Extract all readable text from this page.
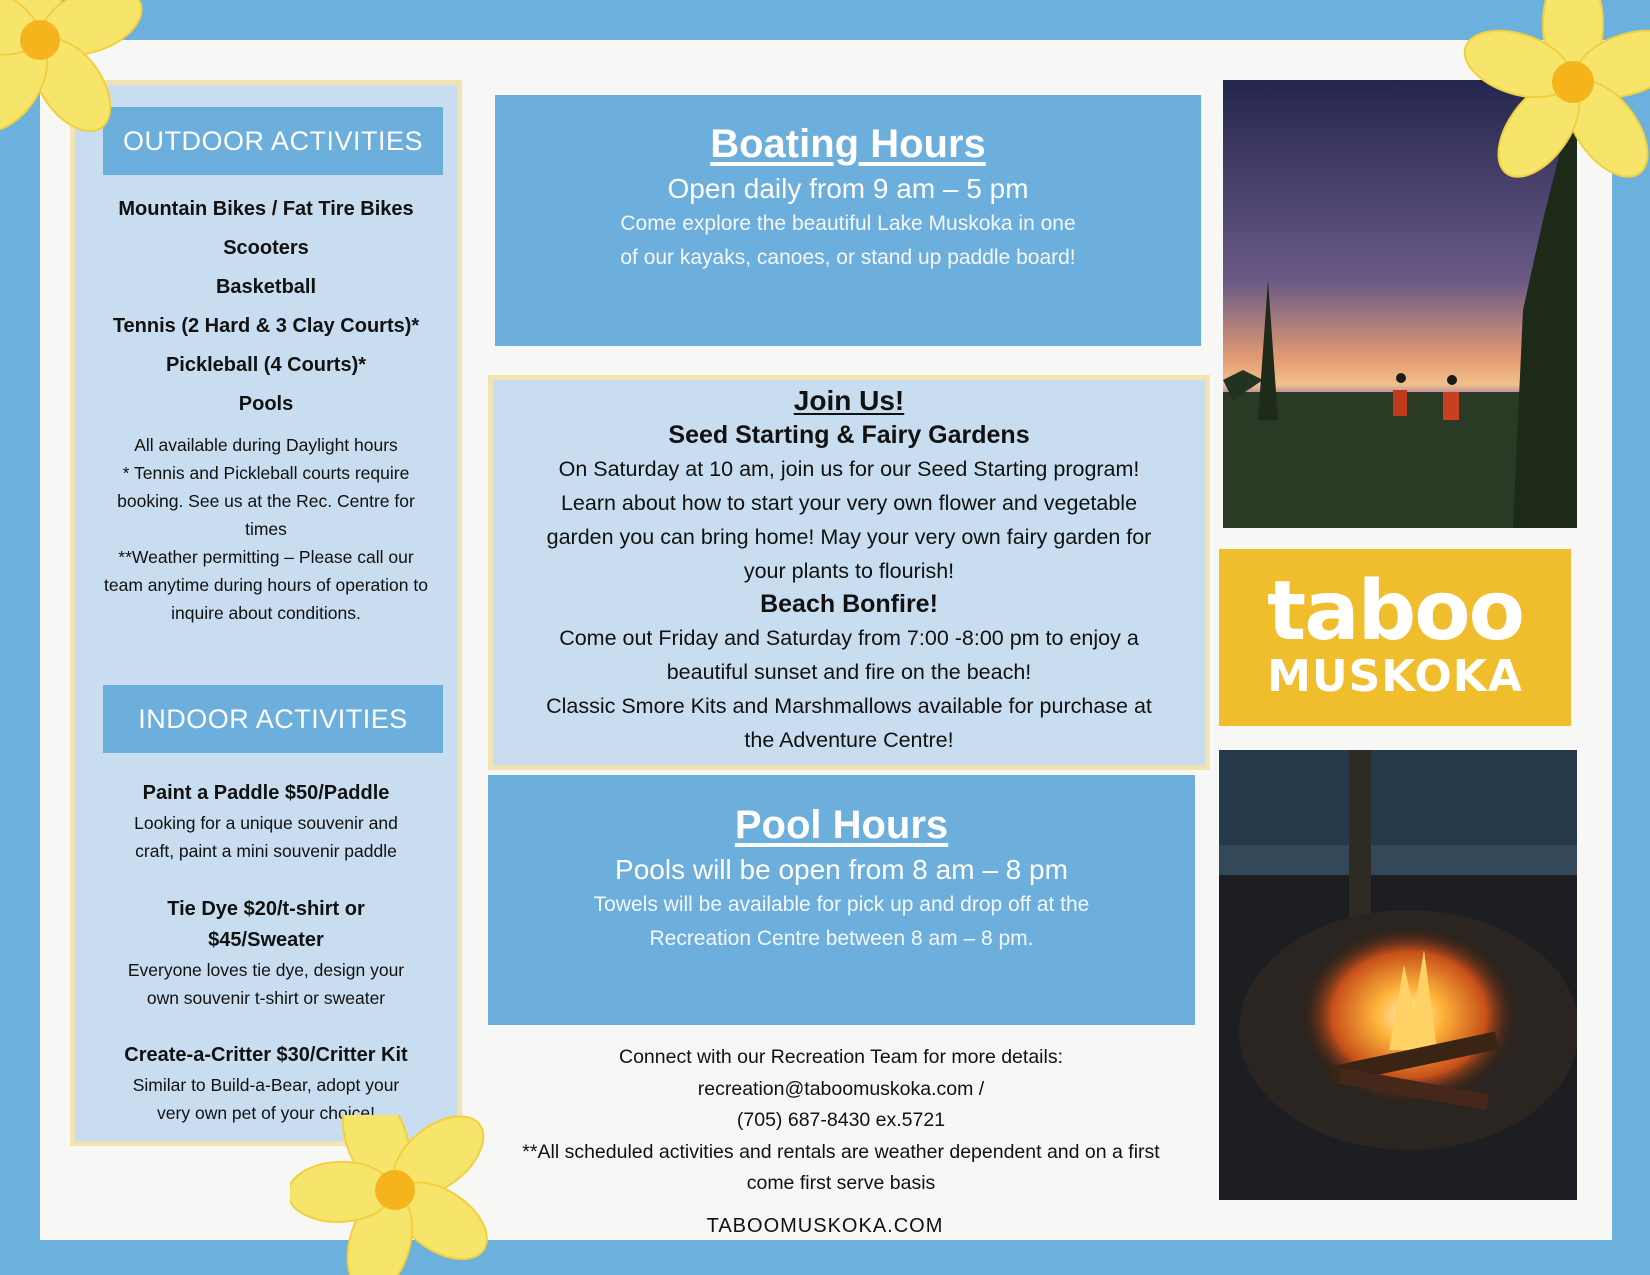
OUTDOOR ACTIVITIES
Mountain Bikes / Fat Tire Bikes
Scooters
Basketball
Tennis (2 Hard & 3 Clay Courts)*
Pickleball (4 Courts)*
Pools
All available during Daylight hours
* Tennis and Pickleball courts require
booking. See us at the Rec. Centre for
times
**Weather permitting – Please call our
team anytime during hours of operation to
inquire about conditions.
INDOOR ACTIVITIES
Paint a Paddle $50/Paddle
Looking for a unique souvenir and
craft, paint a mini souvenir paddle
Tie Dye $20/t-shirt or
$45/Sweater
Everyone loves tie dye, design your
own souvenir t-shirt or sweater
Create-a-Critter $30/Critter Kit
Similar to Build-a-Bear, adopt your
very own pet of your choice!
Boating Hours
Open daily from 9 am – 5 pm
Come explore the beautiful Lake Muskoka in one
of our kayaks, canoes, or stand up paddle board!
Join Us!
Seed Starting & Fairy Gardens
On Saturday at 10 am, join us for our Seed Starting program!
Learn about how to start your very own flower and vegetable
garden you can bring home! May your very own fairy garden for
your plants to flourish!
Beach Bonfire!
Come out Friday and Saturday from 7:00 -8:00 pm to enjoy a
beautiful sunset and fire on the beach!
Classic Smore Kits and Marshmallows available for purchase at
the Adventure Centre!
Pool Hours
Pools will be open from 8 am – 8 pm
Towels will be available for pick up and drop off at the
Recreation Centre between 8 am – 8 pm.
Connect with our Recreation Team for more details:
recreation@taboomuskoka.com /
(705) 687-8430 ex.5721
**All scheduled activities and rentals are weather dependent and on a first
come first serve basis
TABOOMUSKOKA.COM
taboo
MUSKOKA
